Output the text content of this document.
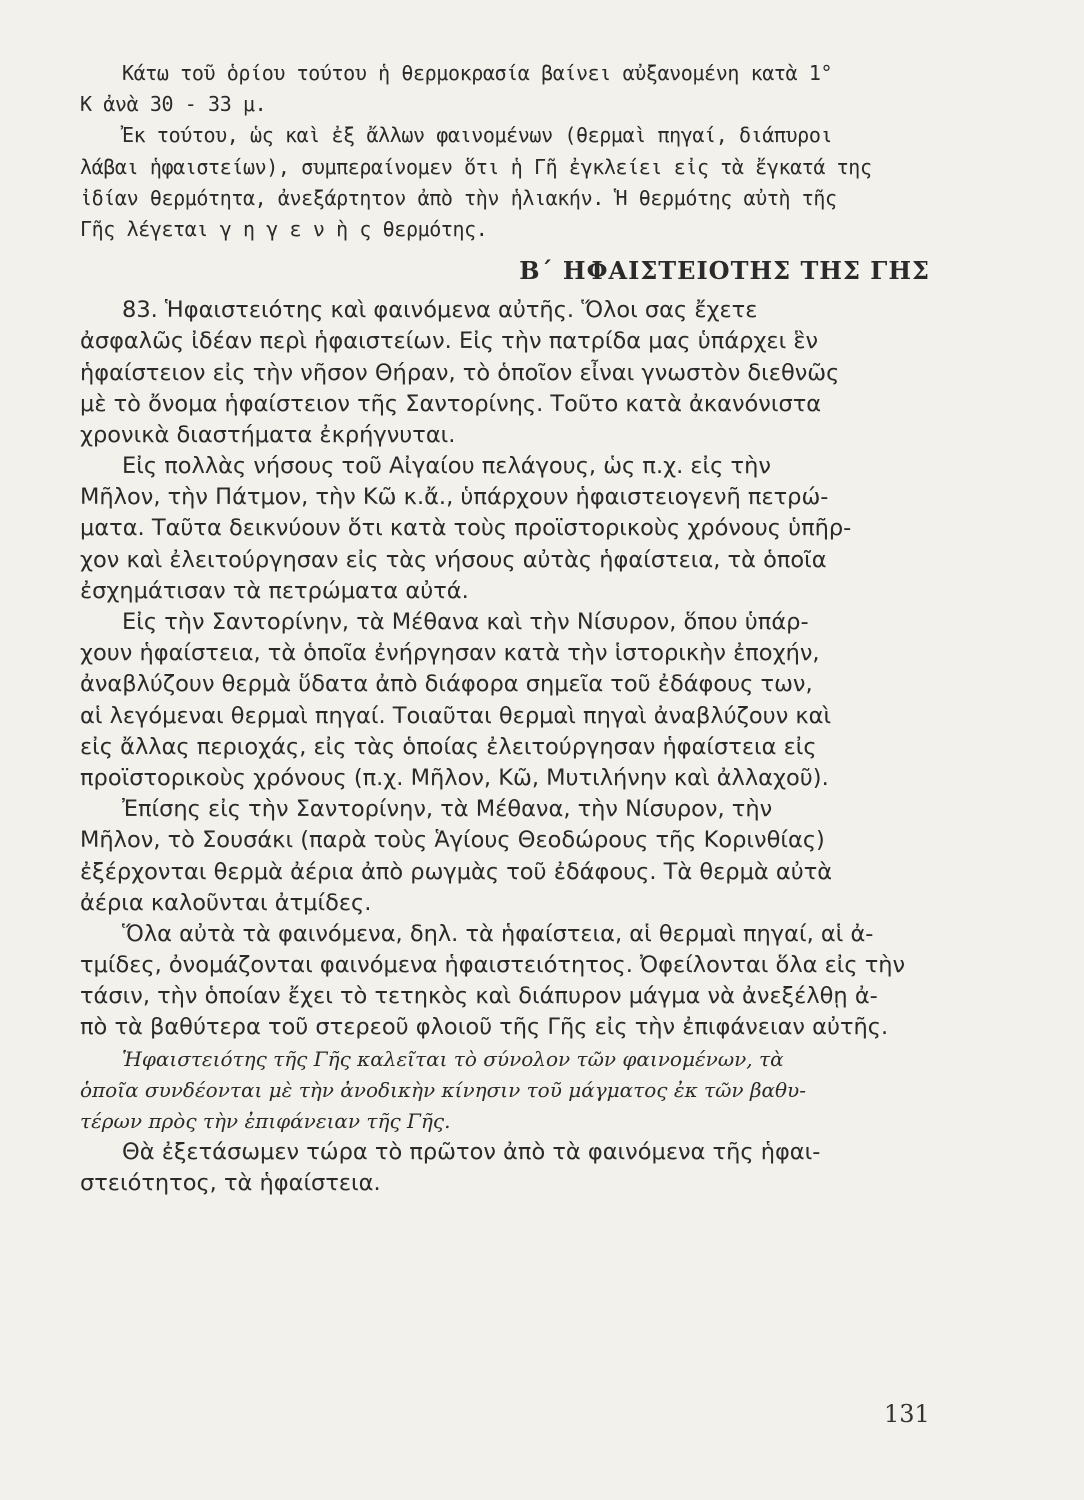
Κάτω τοῦ ὁρίου τούτου ἡ θερμοκρασία βαίνει αὐξανομένη κατὰ 1°
Κ ἀνὰ 30 - 33 μ.
Ἐκ τούτου, ὡς καὶ ἐξ ἄλλων φαινομένων (θερμαὶ πηγαί, διάπυροι
λάβαι ἡφαιστείων), συμπεραίνομεν ὅτι ἡ Γῆ ἐγκλείει εἰς τὰ ἔγκατά της
ἰδίαν θερμότητα, ἀνεξάρτητον ἀπὸ τὴν ἡλιακήν. Ἡ θερμότης αὐτὴ τῆς
Γῆς λέγεται γ η γ ε ν ὴ ς θερμότης.
Β΄ ΗΦΑΙΣΤΕΙΟΤΗΣ ΤΗΣ ΓΗΣ
83. Ἡφαιστειότης καὶ φαινόμενα αὐτῆς. Ὅλοι σας ἔχετε
ἀσφαλῶς ἰδέαν περὶ ἡφαιστείων. Εἰς τὴν πατρίδα μας ὑπάρχει ἓν
ἡφαίστειον εἰς τὴν νῆσον Θήραν, τὸ ὁποῖον εἶναι γνωστὸν διεθνῶς
μὲ τὸ ὄνομα ἡφαίστειον τῆς Σαντορίνης. Τοῦτο κατὰ ἀκανόνιστα
χρονικὰ διαστήματα ἐκρήγνυται.
Εἰς πολλὰς νήσους τοῦ Αἰγαίου πελάγους, ὡς π.χ. εἰς τὴν
Μῆλον, τὴν Πάτμον, τὴν Κῶ κ.ἄ., ὑπάρχουν ἡφαιστειογενῆ πετρώ-
ματα. Ταῦτα δεικνύουν ὅτι κατὰ τοὺς προϊστορικοὺς χρόνους ὑπῆρ-
χον καὶ ἐλειτούργησαν εἰς τὰς νήσους αὐτὰς ἡφαίστεια, τὰ ὁποῖα
ἐσχημάτισαν τὰ πετρώματα αὐτά.
Εἰς τὴν Σαντορίνην, τὰ Μέθανα καὶ τὴν Νίσυρον, ὅπου ὑπάρ-
χουν ἡφαίστεια, τὰ ὁποῖα ἐνήργησαν κατὰ τὴν ἱστορικὴν ἐποχήν,
ἀναβλύζουν θερμὰ ὕδατα ἀπὸ διάφορα σημεῖα τοῦ ἐδάφους των,
αἱ λεγόμεναι θερμαὶ πηγαί. Τοιαῦται θερμαὶ πηγαὶ ἀναβλύζουν καὶ
εἰς ἄλλας περιοχάς, εἰς τὰς ὁποίας ἐλειτούργησαν ἡφαίστεια εἰς
προϊστορικοὺς χρόνους (π.χ. Μῆλον, Κῶ, Μυτιλήνην καὶ ἀλλαχοῦ).
Ἐπίσης εἰς τὴν Σαντορίνην, τὰ Μέθανα, τὴν Νίσυρον, τὴν
Μῆλον, τὸ Σουσάκι (παρὰ τοὺς Ἁγίους Θεοδώρους τῆς Κορινθίας)
ἐξέρχονται θερμὰ ἀέρια ἀπὸ ρωγμὰς τοῦ ἐδάφους. Τὰ θερμὰ αὐτὰ
ἀέρια καλοῦνται ἀτμίδες.
Ὅλα αὐτὰ τὰ φαινόμενα, δηλ. τὰ ἡφαίστεια, αἱ θερμαὶ πηγαί, αἱ ἀ-
τμίδες, ὀνομάζονται φαινόμενα ἡφαιστειότητος. Ὀφείλονται ὅλα εἰς τὴν
τάσιν, τὴν ὁποίαν ἔχει τὸ τετηκὸς καὶ διάπυρον μάγμα νὰ ἀνεξέλθῃ ἀ-
πὸ τὰ βαθύτερα τοῦ στερεοῦ φλοιοῦ τῆς Γῆς εἰς τὴν ἐπιφάνειαν αὐτῆς.
Ἡφαιστειότης τῆς Γῆς καλεῖται τὸ σύνολον τῶν φαινομένων, τὰ
ὁποῖα συνδέονται μὲ τὴν ἀνοδικὴν κίνησιν τοῦ μάγματος ἐκ τῶν βαθυ-
τέρων πρὸς τὴν ἐπιφάνειαν τῆς Γῆς.
Θὰ ἐξετάσωμεν τώρα τὸ πρῶτον ἀπὸ τὰ φαινόμενα τῆς ἡφαι-
στειότητος, τὰ ἡφαίστεια.
131
